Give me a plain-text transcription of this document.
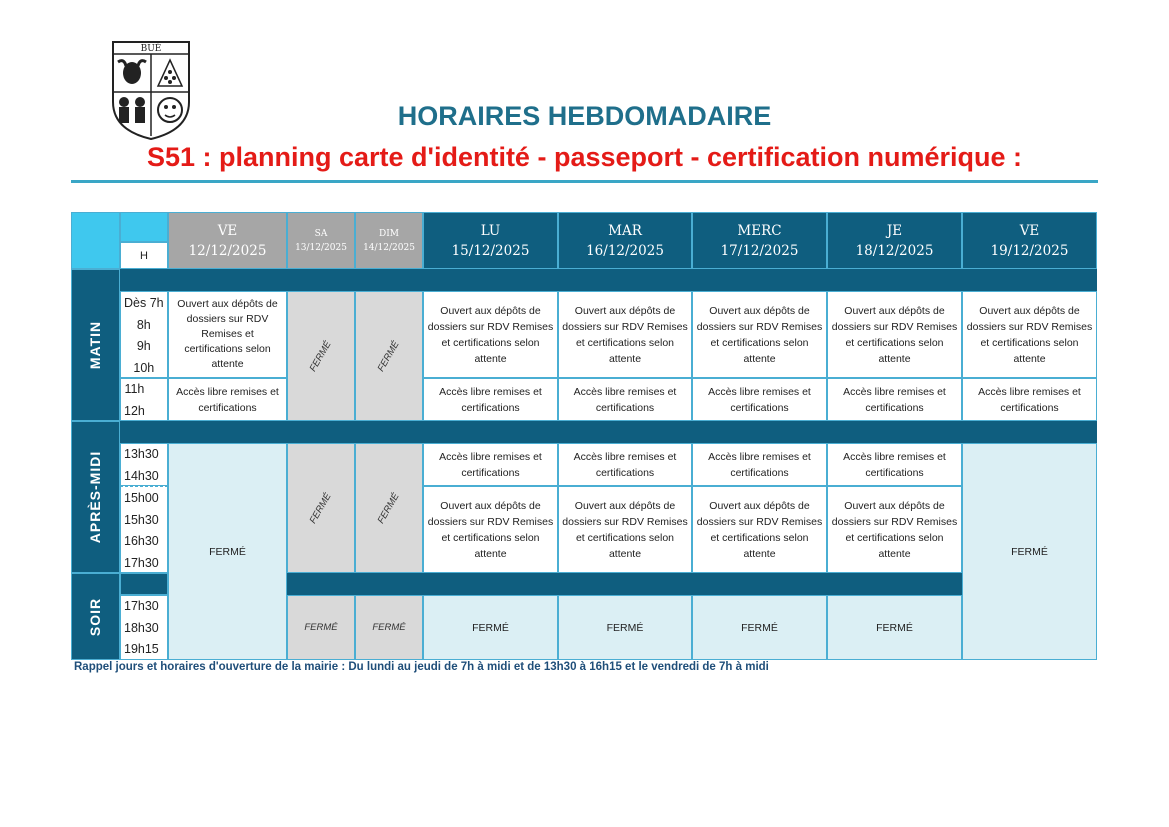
BUÉ
HORAIRES HEBDOMADAIRE
S51 : planning carte d'identité - passeport - certification numérique :
H
VE
12/12/2025
SA
13/12/2025
DIM
14/12/2025
LU
15/12/2025
MAR
16/12/2025
MERC
17/12/2025
JE
18/12/2025
VE
19/12/2025
MATIN
APRÈS-MIDI
SOIR
Dès 7h
8h
9h
10h
11h
12h
13h30
14h30
15h00
15h30
16h30
17h30
17h30
18h30
19h15
Ouvert aux dépôts de dossiers sur RDV Remises et certifications selon attente
Accès libre remises et certifications
FERMÉ
FERMÉ
FERMÉ
FERMÉ
FERMÉ
FERMÉ
FERMÉ
Ouvert aux dépôts de dossiers sur RDV Remises et certifications selon attente
Accès libre remises et certifications
Accès libre remises et certifications
Ouvert aux dépôts de dossiers sur RDV Remises et certifications selon attente
FERMÉ
Ouvert aux dépôts de dossiers sur RDV Remises et certifications selon attente
Accès libre remises et certifications
Accès libre remises et certifications
Ouvert aux dépôts de dossiers sur RDV Remises et certifications selon attente
FERMÉ
Ouvert aux dépôts de dossiers sur RDV Remises et certifications selon attente
Accès libre remises et certifications
Accès libre remises et certifications
Ouvert aux dépôts de dossiers sur RDV Remises et certifications selon attente
FERMÉ
Ouvert aux dépôts de dossiers sur RDV Remises et certifications selon attente
Accès libre remises et certifications
Accès libre remises et certifications
Ouvert aux dépôts de dossiers sur RDV Remises et certifications selon attente
FERMÉ
Ouvert aux dépôts de dossiers sur RDV Remises et certifications selon attente
Accès libre remises et certifications
FERMÉ
Rappel jours et horaires d'ouverture de la mairie : Du lundi au jeudi de 7h à midi et de 13h30 à 16h15 et le vendredi de 7h à midi
